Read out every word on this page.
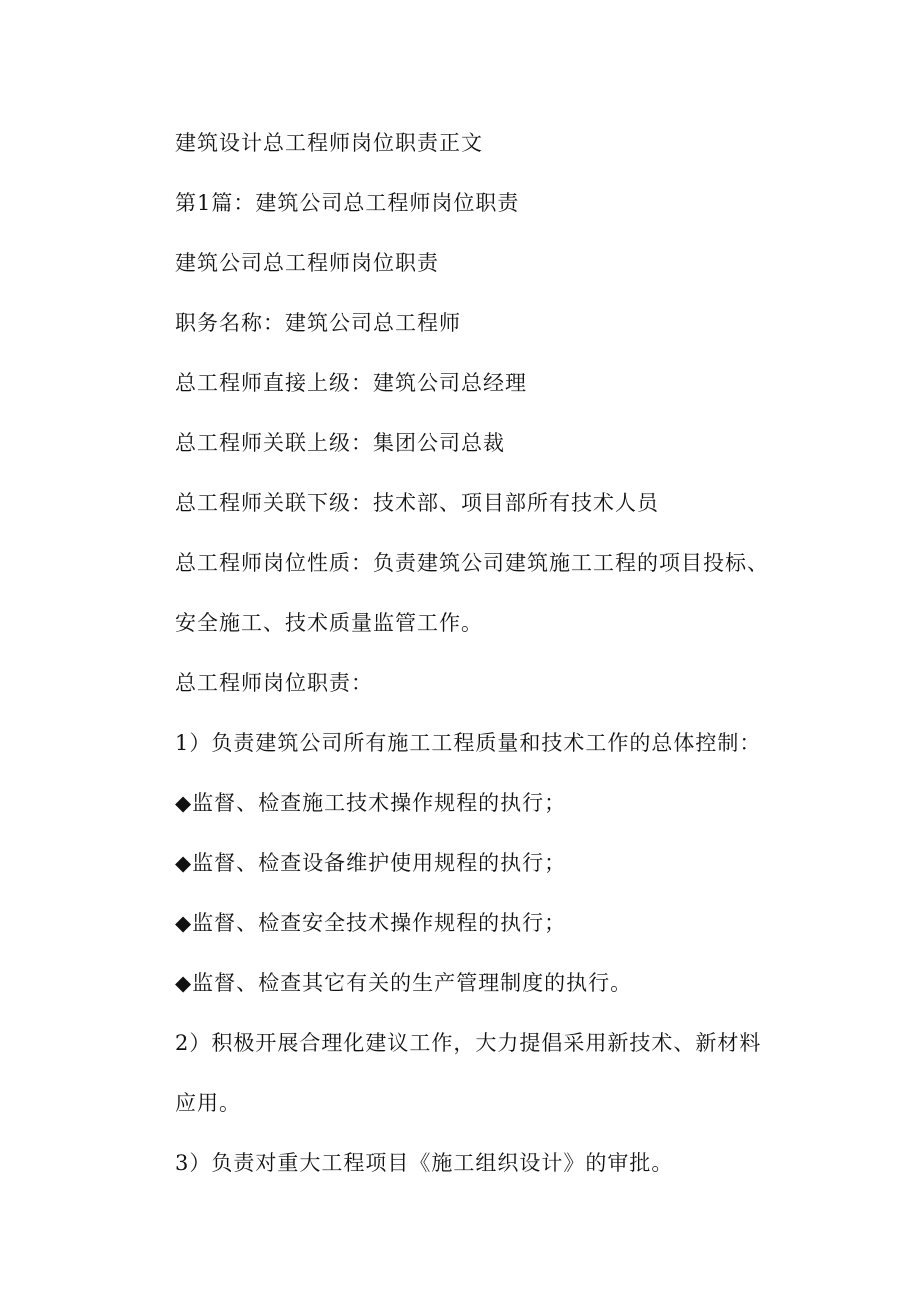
建筑设计总工程师岗位职责正文

第1篇：建筑公司总工程师岗位职责

建筑公司总工程师岗位职责

职务名称：建筑公司总工程师

总工程师直接上级：建筑公司总经理

总工程师关联上级：集团公司总裁

总工程师关联下级：技术部、项目部所有技术人员

总工程师岗位性质：负责建筑公司建筑施工工程的项目投标、

安全施工、技术质量监管工作。

总工程师岗位职责：

1）负责建筑公司所有施工工程质量和技术工作的总体控制：

◆监督、检查施工技术操作规程的执行；

◆监督、检查设备维护使用规程的执行；

◆监督、检查安全技术操作规程的执行；

◆监督、检查其它有关的生产管理制度的执行。

2）积极开展合理化建议工作，大力提倡采用新技术、新材料

应用。

3）负责对重大工程项目《施工组织设计》的审批。
